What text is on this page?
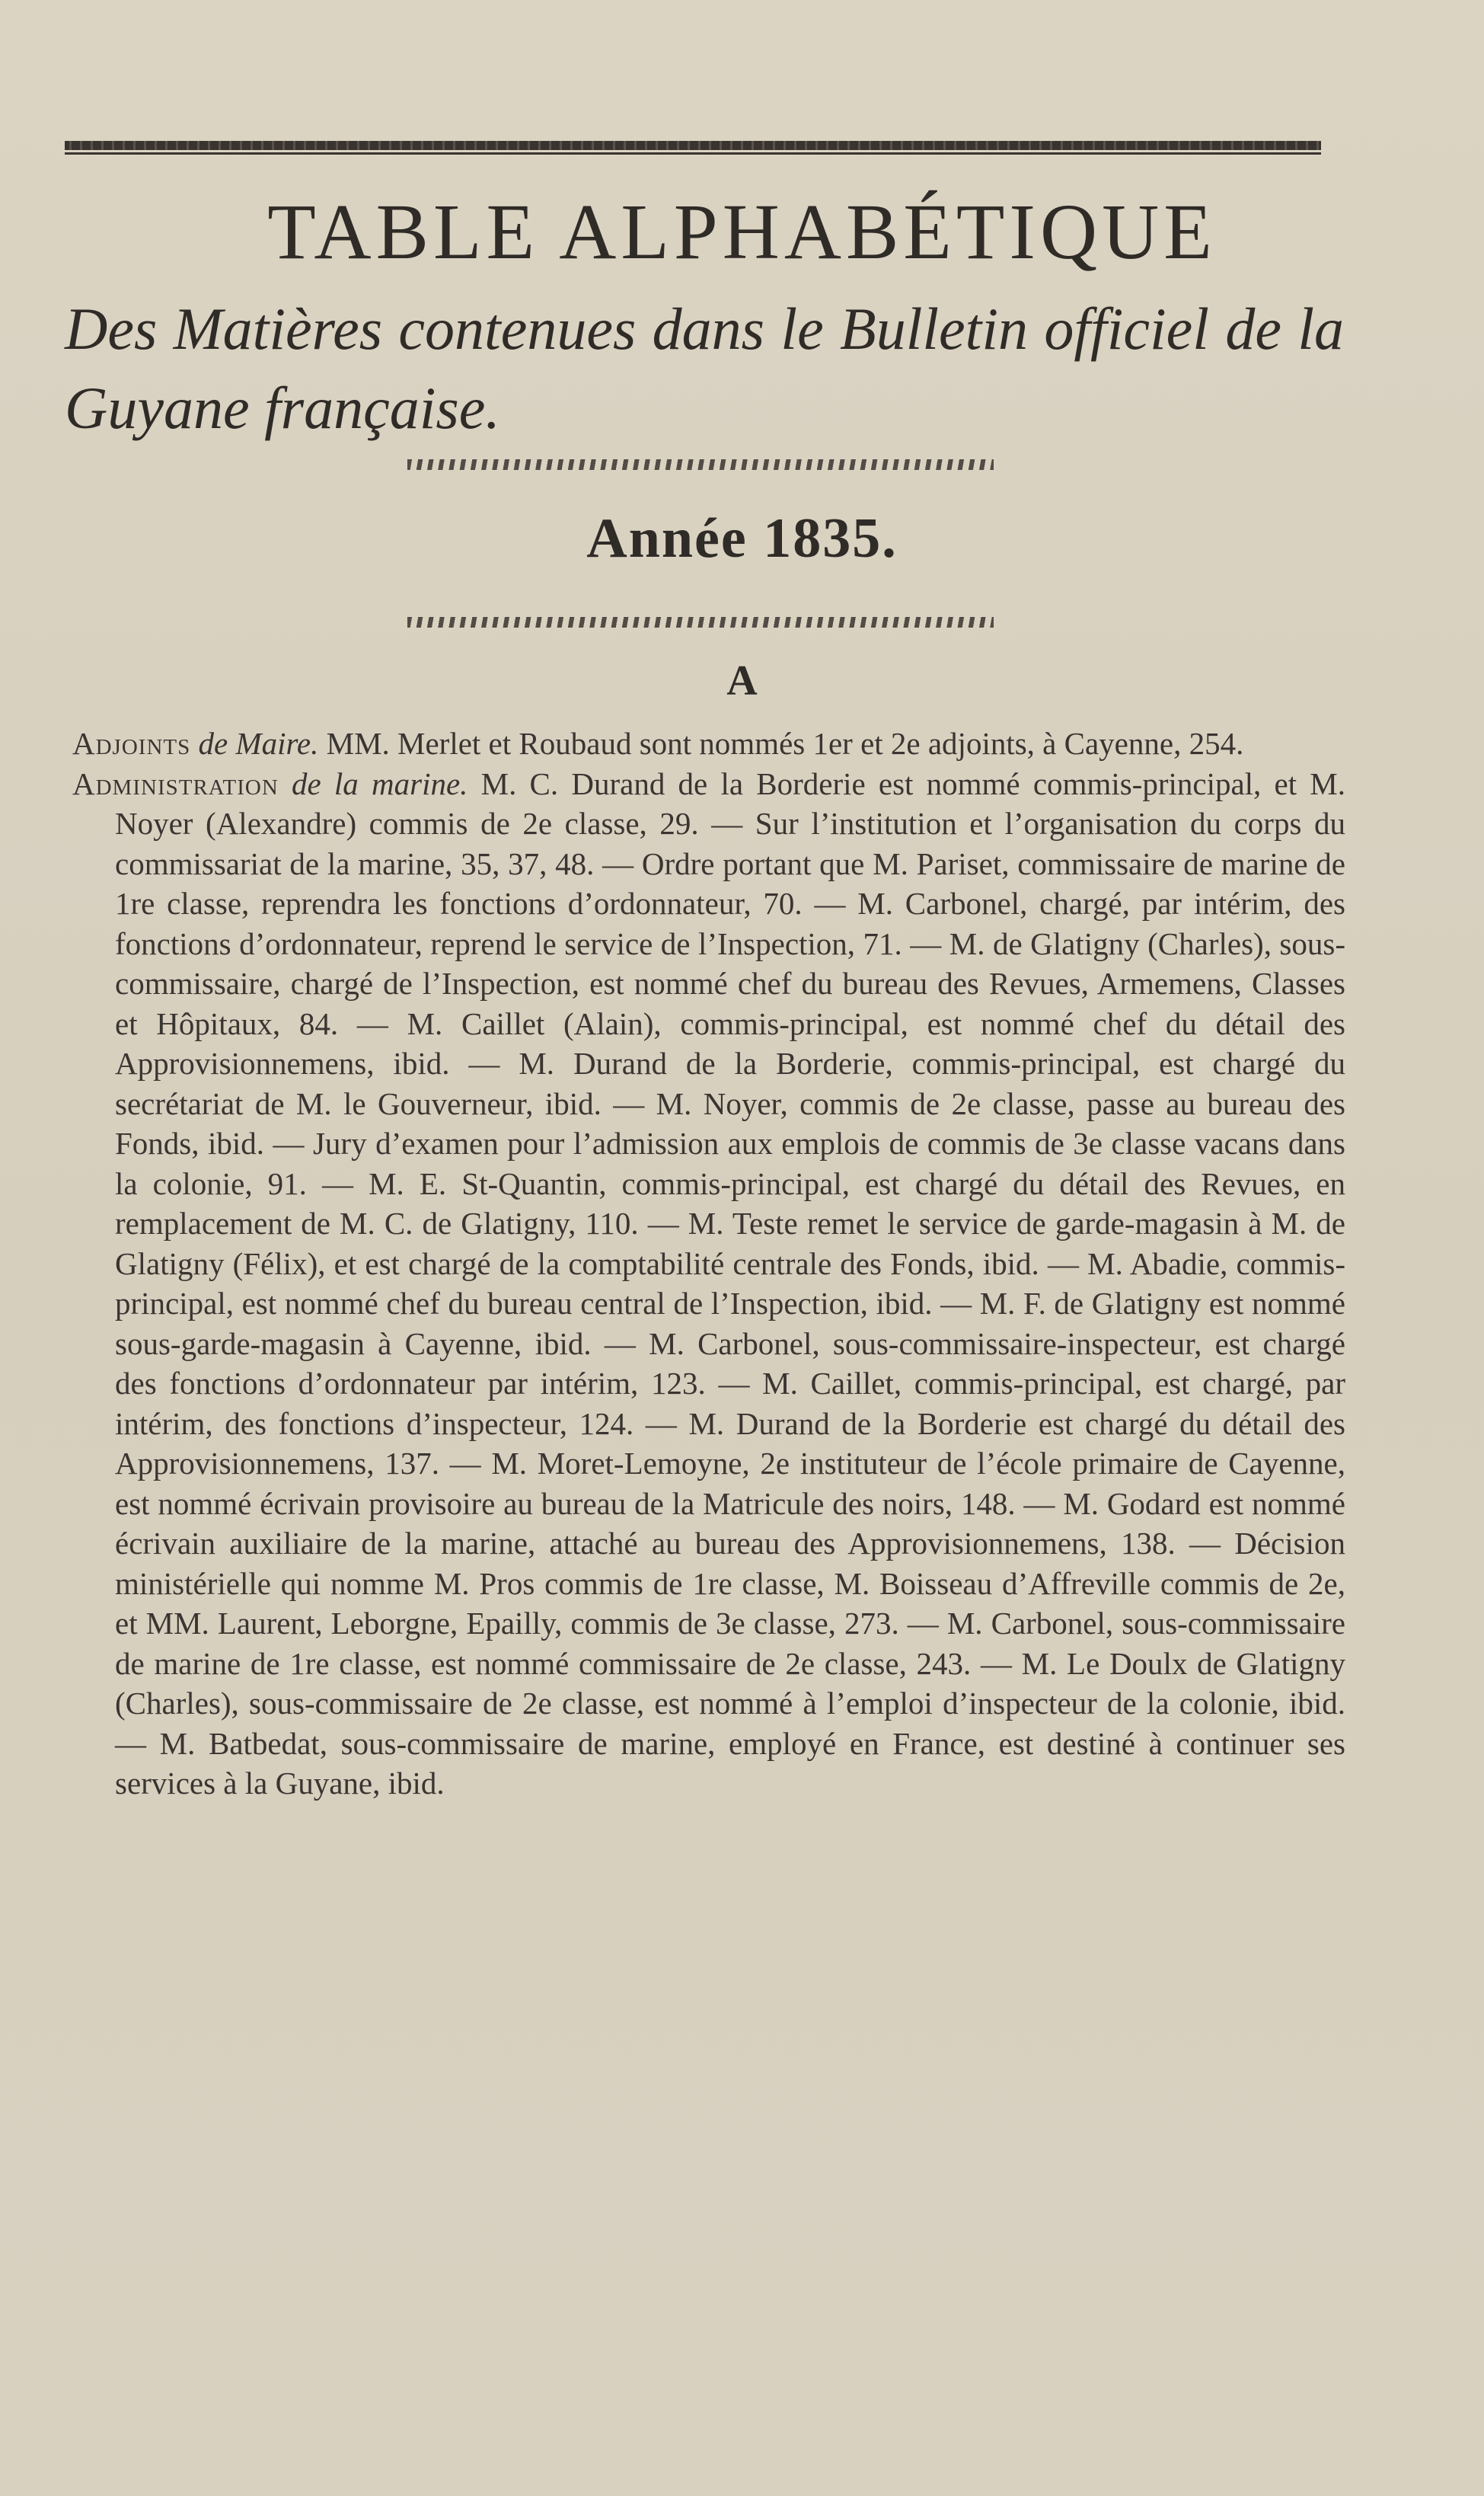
TABLE ALPHABÉTIQUE

Des Matières contenues dans le Bulletin officiel de la Guyane française.

Année 1835.
A

Adjoints de Maire. MM. Merlet et Roubaud sont nommés 1er et 2e adjoints, à Cayenne, 254.

Administration de la marine. M. C. Durand de la Borderie est nommé commis-principal, et M. Noyer (Alexandre) commis de 2e classe, 29. — Sur l’institution et l’organisation du corps du commissariat de la marine, 35, 37, 48. — Ordre portant que M. Pariset, commissaire de marine de 1re classe, reprendra les fonctions d’ordonnateur, 70. — M. Carbonel, chargé, par intérim, des fonctions d’ordonnateur, reprend le service de l’Inspection, 71. — M. de Glatigny (Charles), sous-commissaire, chargé de l’Inspection, est nommé chef du bureau des Revues, Armemens, Classes et Hôpitaux, 84. — M. Caillet (Alain), commis-principal, est nommé chef du détail des Approvisionnemens, ibid. — M. Durand de la Borderie, commis-principal, est chargé du secrétariat de M. le Gouverneur, ibid. — M. Noyer, commis de 2e classe, passe au bureau des Fonds, ibid. — Jury d’examen pour l’admission aux emplois de commis de 3e classe vacans dans la colonie, 91. — M. E. St-Quantin, commis-principal, est chargé du détail des Revues, en remplacement de M. C. de Glatigny, 110. — M. Teste remet le service de garde-magasin à M. de Glatigny (Félix), et est chargé de la comptabilité centrale des Fonds, ibid. — M. Abadie, commis-principal, est nommé chef du bureau central de l’Inspection, ibid. — M. F. de Glatigny est nommé sous-garde-magasin à Cayenne, ibid. — M. Carbonel, sous-commissaire-inspecteur, est chargé des fonctions d’ordonnateur par intérim, 123. — M. Caillet, commis-principal, est chargé, par intérim, des fonctions d’inspecteur, 124. — M. Durand de la Borderie est chargé du détail des Approvisionnemens, 137. — M. Moret-Lemoyne, 2e instituteur de l’école primaire de Cayenne, est nommé écrivain provisoire au bureau de la Matricule des noirs, 148. — M. Godard est nommé écrivain auxiliaire de la marine, attaché au bureau des Approvisionnemens, 138. — Décision ministérielle qui nomme M. Pros commis de 1re classe, M. Boisseau d’Affreville commis de 2e, et MM. Laurent, Leborgne, Epailly, commis de 3e classe, 273. — M. Carbonel, sous-commissaire de marine de 1re classe, est nommé commissaire de 2e classe, 243. — M. Le Doulx de Glatigny (Charles), sous-commissaire de 2e classe, est nommé à l’emploi d’inspecteur de la colonie, ibid. — M. Batbedat, sous-commissaire de marine, employé en France, est destiné à continuer ses services à la Guyane, ibid.
